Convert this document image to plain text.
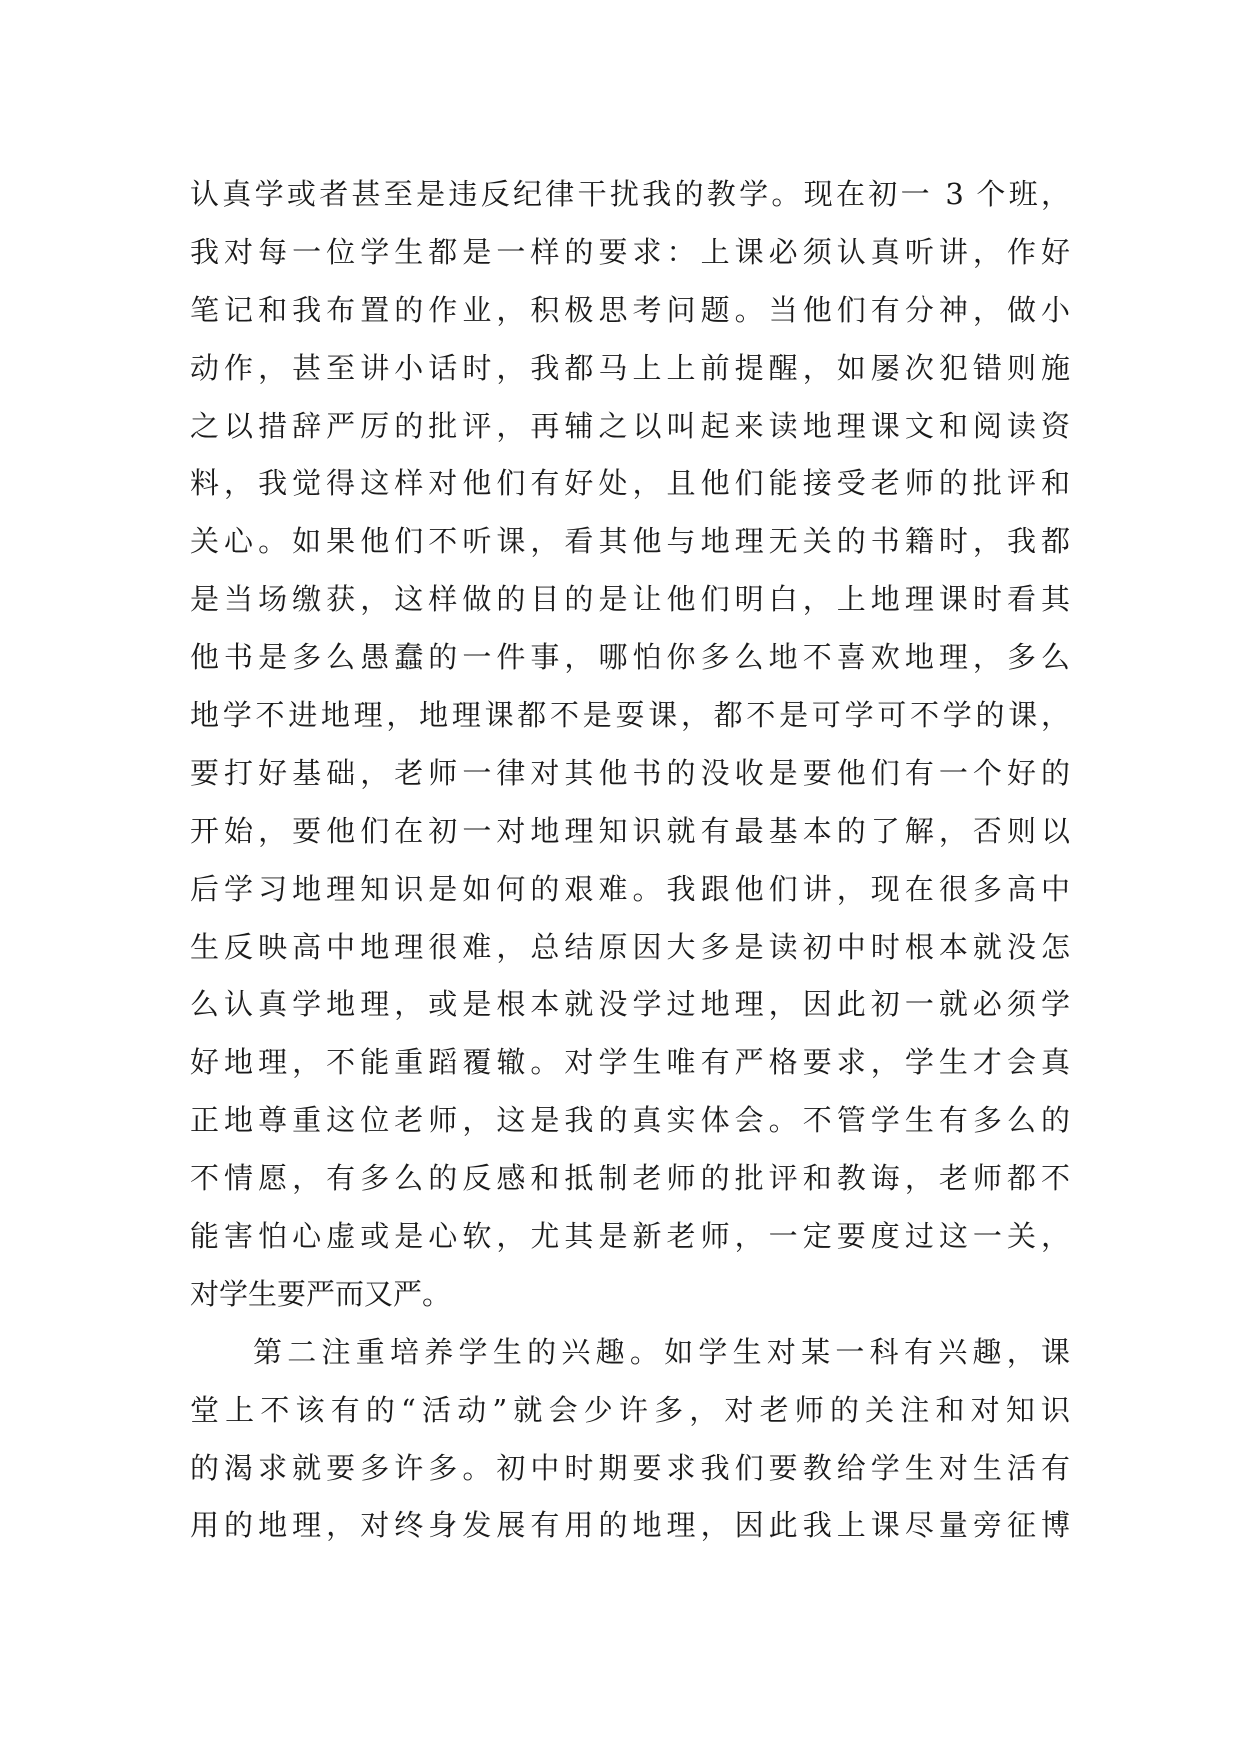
认真学或者甚至是违反纪律干扰我的教学。现在初一 3 个班，
我对每一位学生都是一样的要求：上课必须认真听讲，作好
笔记和我布置的作业，积极思考问题。当他们有分神，做小
动作，甚至讲小话时，我都马上上前提醒，如屡次犯错则施
之以措辞严厉的批评，再辅之以叫起来读地理课文和阅读资
料，我觉得这样对他们有好处，且他们能接受老师的批评和
关心。如果他们不听课，看其他与地理无关的书籍时，我都
是当场缴获，这样做的目的是让他们明白，上地理课时看其
他书是多么愚蠢的一件事，哪怕你多么地不喜欢地理，多么
地学不进地理，地理课都不是耍课，都不是可学可不学的课，
要打好基础，老师一律对其他书的没收是要他们有一个好的
开始，要他们在初一对地理知识就有最基本的了解，否则以
后学习地理知识是如何的艰难。我跟他们讲，现在很多高中
生反映高中地理很难，总结原因大多是读初中时根本就没怎
么认真学地理，或是根本就没学过地理，因此初一就必须学
好地理，不能重蹈覆辙。对学生唯有严格要求，学生才会真
正地尊重这位老师，这是我的真实体会。不管学生有多么的
不情愿，有多么的反感和抵制老师的批评和教诲，老师都不
能害怕心虚或是心软，尤其是新老师，一定要度过这一关，
对学生要严而又严。
第二注重培养学生的兴趣。如学生对某一科有兴趣，课
堂上不该有的“活动”就会少许多，对老师的关注和对知识
的渴求就要多许多。初中时期要求我们要教给学生对生活有
用的地理，对终身发展有用的地理，因此我上课尽量旁征博
